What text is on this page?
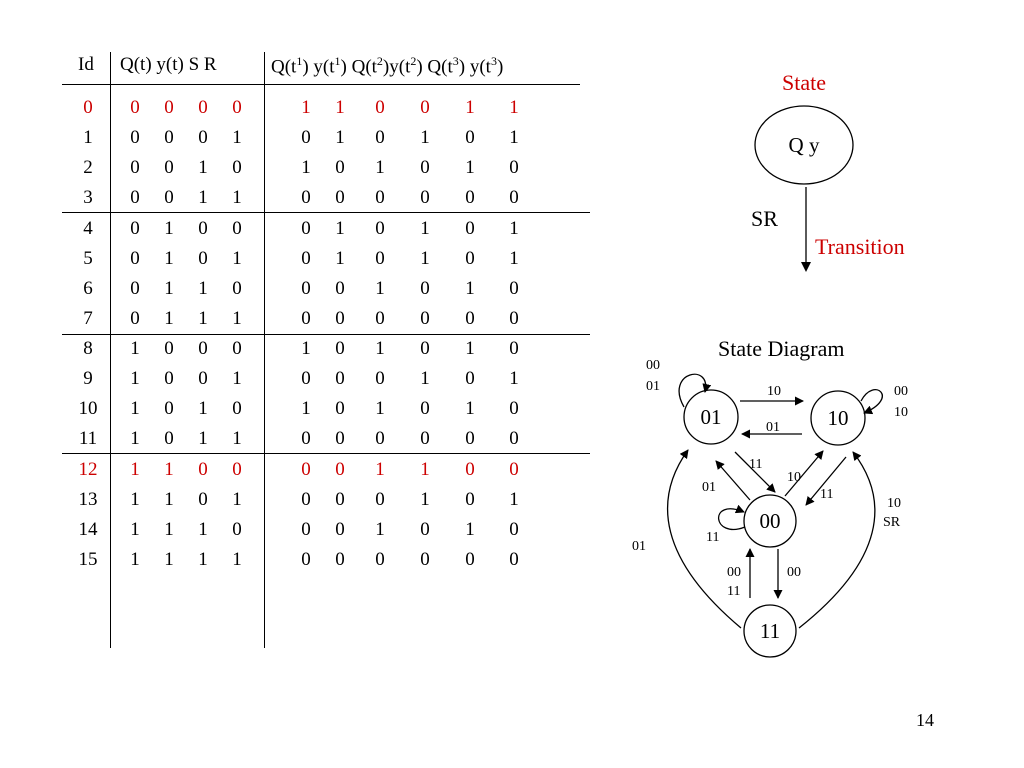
Id Q(t) y(t) S R	$Q(t^1)$ $y(t^1)$ $Q(t^2)y(t^2)$ $Q(t^3)$ $y(t^3)$
0	0	0	0	0	1	1	0	0	1	1
1	0	0	0	1	0	1	0	1	0	1
2	0	0	1	0	1	0	1	0	1	0
3	0	0	1	1	0	0	0	0	0	0
4	0	1	0	0	0	1	0	1	0	1
5	0	1	0	1	0	1	0	1	0	1
6	0	1	1	0	0	0	1	0	1	0
7	0	1	1	1	0	0	0	0	0	0
8	1	0	0	0	1	0	1	0	1	0
9	1	0	0	1	0	0	0	1	0	1
10	1	0	1	0	1	0	1	0	1	0
11	1	0	1	1	0	0	0	0	0	0
12	1	1	0	0	0	0	1	1	0	0
13	1	1	0	1	0	0	0	1	0	1
14	1	1	1	0	0	0	1	0	1	0
15	1	1	1	1	0	0	0	0	0	0
State
Q y
SR
Transition
State Diagram
01	10
00
11
00
01	10
01
00
10
11
01
10
11
11
00
11
00
01
10
SR
14
